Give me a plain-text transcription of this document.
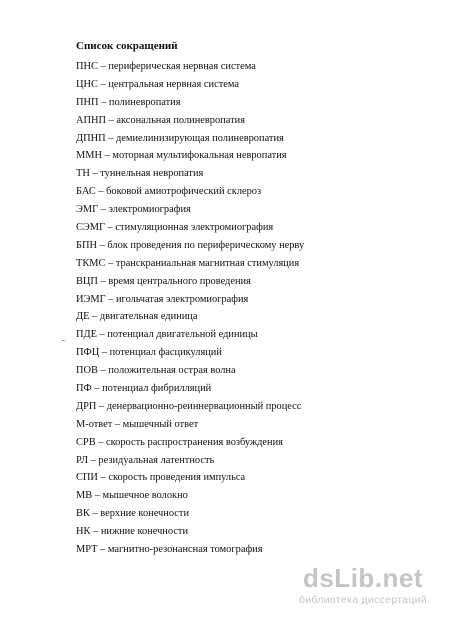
Список сокращений
ПНС – периферическая нервная система
ЦНС – центральная нервная система
ПНП – полиневропатия
АПНП – аксональная полиневропатия
ДПНП – демиелинизирующая полиневропатия
ММН – моторная мультифокальная невропатия
ТН – туннельная невропатия
БАС – боковой амиотрофический склероз
ЭМГ – электромиография
СЭМГ – стимуляционная электромиография
БПН – блок проведения по периферическому нерву
ТКМС – транскраниальная магнитная стимуляция
ВЦП – время центрального проведения
ИЭМГ – игольчатая электромиография
ДЕ – двигательная единица
ПДЕ – потенциал двигательной единицы
ПФЦ – потенциал фасцикуляций
ПОВ – положительная острая волна
ПФ – потенциал фибрилляций
ДРП – денервационно-реиннервационный процесс
М-ответ – мышечный ответ
СРВ – скорость распространения возбуждения
РЛ – резидуальная латентность
СПИ – скорость проведения импульса
МВ – мышечное волокно
ВК – верхние конечности
НК – нижние конечности
МРТ – магнитно-резонансная томография
dsLib.net
библиотека диссертаций
